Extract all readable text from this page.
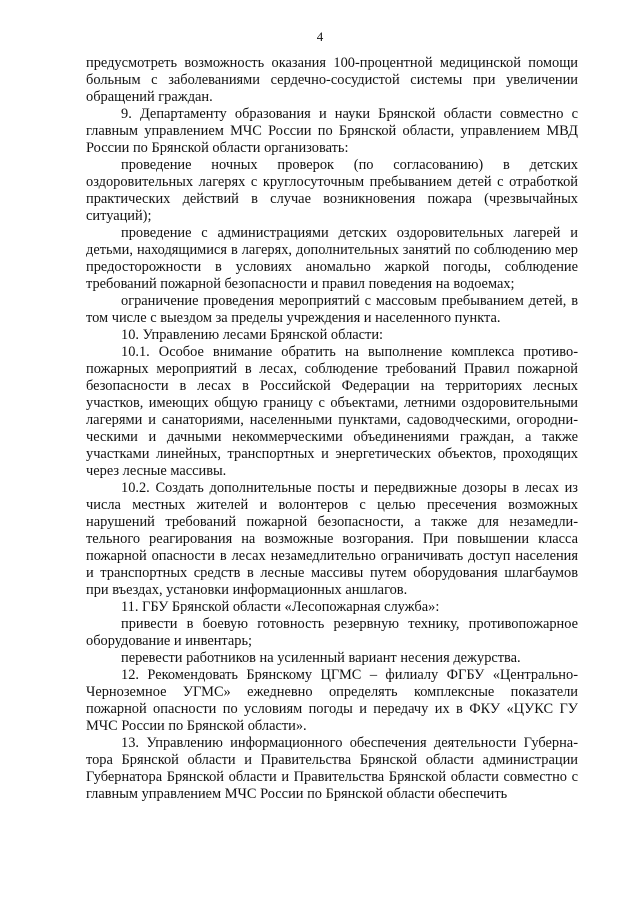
4

предусмотреть возможность оказания 100-процентной медицинской помощи больным с заболеваниями сердечно-сосудистой системы при увеличении обращений граждан.

9. Департаменту образования и науки Брянской области совместно с главным управлением МЧС России по Брянской области, управлением МВД России по Брянской области организовать:

проведение ночных проверок (по согласованию) в детских оздоровительных лагерях с круглосуточным пребыванием детей с отработкой практических действий в случае возникновения пожара (чрезвычайных ситуаций);

проведение с администрациями детских оздоровительных лагерей и детьми, находящимися в лагерях, дополнительных занятий по соблюдению мер предосторожности в условиях аномально жаркой погоды, соблюдение требований пожарной безопасности и правил поведения на водоемах;

ограничение проведения мероприятий с массовым пребыванием детей, в том числе с выездом за пределы учреждения и населенного пункта.

10. Управлению лесами Брянской области:

10.1. Особое внимание обратить на выполнение комплекса противопожарных мероприятий в лесах, соблюдение требований Правил пожарной безопасности в лесах в Российской Федерации на территориях лесных участков, имеющих общую границу с объектами, летними оздоровительными лагерями и санаториями, населенными пунктами, садоводческими, огородническими и дачными некоммерческими объединениями граждан, а также участками линейных, транспортных и энергетических объектов, проходящих через лесные массивы.

10.2. Создать дополнительные посты и передвижные дозоры в лесах из числа местных жителей и волонтеров с целью пресечения возможных нарушений требований пожарной безопасности, а также для незамедлительного реагирования на возможные возгорания. При повышении класса пожарной опасности в лесах незамедлительно ограничивать доступ населения и транспортных средств в лесные массивы путем оборудования шлагбаумов при въездах, установки информационных аншлагов.

11. ГБУ Брянской области «Лесопожарная служба»:

привести в боевую готовность резервную технику, противопожарное оборудование и инвентарь;

перевести работников на усиленный вариант несения дежурства.

12. Рекомендовать Брянскому ЦГМС – филиалу ФГБУ «Центрально-Черноземное УГМС» ежедневно определять комплексные показатели пожарной опасности по условиям погоды и передачу их в ФКУ «ЦУКС ГУ МЧС России по Брянской области».

13. Управлению информационного обеспечения деятельности Губернатора Брянской области и Правительства Брянской области администрации Губернатора Брянской области и Правительства Брянской области совместно с главным управлением МЧС России по Брянской области обеспечить
